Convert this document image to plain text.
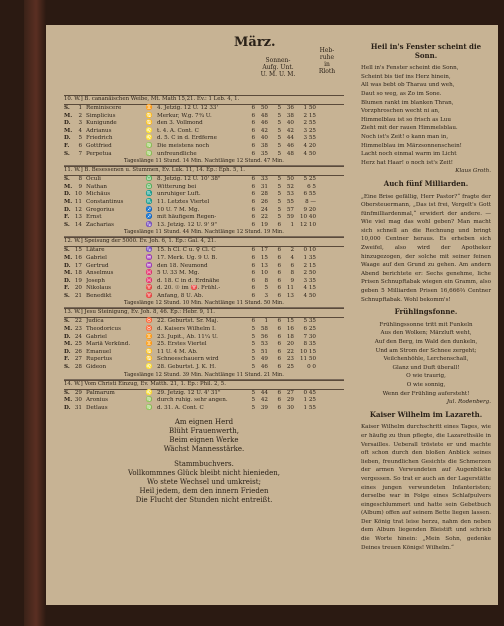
März.
Sonnen-
Aufg. Unt.
U. M. U. M.
Heb-
ruhe
in
Rloth
10. W.] B. cananäischen Weibe, Mt. Math 15,21. Ev.: 1 Leb. 4, 1.
S.	1 Reminiscere	♊ 4. Jetzig. 12 U. 12 33'	6	50	5	36	1 50
M.	2 Simplicius	♋ Merkur, W.g. 7¾ U.	6	48	5	38	2 15
D.	3 Kunigunde	♋ den 3. Vollmond	6	46	5	40	2 55
M.	4 Adrianus	♌ t. 4. A. Cont. C	6	42	5	42	3 25
D.	5 Friedrich	♌ d. 5. C in d. Erdferne	6	40	5	44	3 55
F.	6 Gottfried	♍ Die meistens noch	6	38	5	46	4 20
S.	7 Perpetua	♍ unfreundliche	6	35	5	48	4 50
Tageslänge 11 Stund. 14 Min. Nachtlänge 12 Stund. 47 Min.
11. W.] B. Besessenen u. Stummen, Ev. Luk. 11, 14. Ep.: Eph. 5, 1.
S.	8 Oculi	♎ 8. Jetzig. 12 U. 10' 38"	6	33	5	50	5 25
M.	9 Nathan	♎ Witterung bei	6	31	5	52	6 5
D. 10 Michäus	♏ unruhiger Luft.	6	28	5	53	6 55
M. 11 Constantinus	♏ 11. Letztes Viertel	6	26	5	55	8 —
D. 12 Gregorius	♐ 10 U. 7 M. Mg.	6	24	5	57	9 20
F. 13 Ernst	♐ mit häufigem Regen-	6	22	5	59	10 40
S. 14 Zacharias	♑ 13. Jetzig. 12 U. 9' 9"	6	19	6	1	12 10
Tageslänge 11 Stund. 44 Min. Nachtlänge 12 Stund. 19 Min.
12. W.] Speisung der 5000. Ev. Joh. 6, 1. Ep.: Gal. 4, 21.
S. 15 Lätare	♑ 15. h Cl. C u. ♀ Cl. C	6	17	6	2	0 10
M. 16 Gabriel	♒ 17. Merk. Ug. 9 U. B.	6	15	6	4	1 35
D. 17 Gertrud	♒ den 18. Neumond	6	13	6	6	2 15
M. 18 Anselmus	♓ 5 U. 33 M. Mg.	6	10	6	8	2 50
D. 19 Joseph	♓ d. 18. C in d. Erdnähe	6	8	6	9	3 35
F. 20 Nikolaus	♈ d. 20. ☉ im ♈. Frühl.-	6	5	6	11	4 15
S. 21 Benedikt	♈ Anfang, 8 U. Ab.	6	3	6	13	4 50
Tageslänge 12 Stund. 10 Min. Nachtlänge 11 Stund. 50 Min.
13. W.] Jesu Steinigung, Ev. Joh. 8, 46. Ep.: Hebr. 9, 11.
S. 22 Judica	♉ 22. Geburtst. Sr. Maj.	6	1	6	15	5 35
M. 23 Theodoricus	♉ d. Kaisers Wilhelm I.	5	58	6	16	6 25
D. 24 Gabriel	♊ 23. Jupit., Ab. 11¼ U.	5	56	6	18	7 30
M. 25 Mariä Verkünd.	♊ 25. Erstes Viertel	5	53	6	20	8 35
D. 26 Emanuel	♋ 11 U. 4 M. Ab.	5	51	6	22	10 15
F. 27 Rupertus	♋ Schneeschauern wird	5	49	6	23	11 50
S. 28 Gideon	♌ 28. Geburtst. J. K. H.	5	46	6	25	0 0
Tageslänge 12 Stund. 39 Min. Nachtlänge 11 Stund. 21 Min.
14. W.] Vom Christi Einzug, Ev. Matth. 21, 1. Ep.: Phil. 2, 5.
S. 29 Palmarum	♌ 29. Jetzig. 12 U. 4' 31"	5	44	6	27	0 45
M. 30 Aronius	♍ durch ruhig. sehr angen.	5	42	6	29	1 25
D. 31 Detlaus	♍ d. 31. A. Cont. C	5	39	6	30	1 55
Am eignen Herd
Blüht Frauenwerth,
Beim eignen Werke
Wächst Mannesstärke.
Stammbuchvers.
Vollkommnes Glück bleibt nicht hienieden,
Wo stete Wechsel und umkreist;
Heil jedem, dem den innern Frieden
Die Flucht der Stunden nicht entreißt.
Heil in's Fenster scheint die Sonn.
Hell in's Fenster scheint die Sonn,
Scheint bis tief ins Herz hinein,
All was bebt ob Tharau und weh,
Daut so weg, as Zo im Sone.
Blumen rankt im blanken Thran,
Vorzphroschen wecht ni an,
Himmelblau ist so frisch as Luu
Zieht mit der rauen Himmelsblau.
Noch ist's Zeit! o kann man in,
Himmelblau im Märzsonnenschein!
Lacht noch einmal warm im Licht
Herz hat Haar! o noch ist's Zeit!
Klaus Groth.
Auch fünf Milliarden.

„Eine Brise gefällig, Herr Pastor?“ fragte der Obersteuermann, „Das ist frei, Vergelt's Gott fünfmilliardenmal,“ erwidert der andere. — Wie viel mag das wohl geben? Man macht sich schnell an die Rechnung und bringt 10,000 Centner heraus. Es erheben sich Zweifel, also wird der Apotheker hinzugezogen, der solche mit seiner feinen Waage auf den Grund zu gehen. Am andern Abend berichtete er: Sechs genehme, liche Prisen Schnupftabak wiegen ein Gramm, also geben 5 Milliarden Prisen 16,666⅔ Centner Schnupftabak. Wohl bekomm's!

Frühlingsfonne.
Frühlingssonne tritt mit Funkeln
Aus den Wolken; Märzluft weht,
Auf den Berg, im Wald den dunkeln,
Und am Strom der Schnee zergeht;
Veilchenhöhle, Lerchenschall,
Glanz und Duft überall!
O wie traurig,
O wie sonnig,
Wenn der Frühling aufersteht!
Jul. Rodenberg.
Kaiser Wilhelm im Lazareth.

Kaiser Wilhelm durchschritt eines Tages, wie er häufig zu thun pflegte, die Lazarethsäle in Versailles. Ueberall tröstete er und machte oft schon durch den bloßen Anblick seines lieben, freundlichen Gesichts die Schmerzen der armen Verwundeten auf Augenblicke vergessen. So trat er auch an der Lagerstätte eines jungen verwundeten Infanteristen; derselbe war in Folge eines Schlafpulvers eingeschlummert und hatte sein Gebetbuch (Album) offen auf seinem Bette liegen lassen. Der König trat leise herzu, nahm den neben dem Album liegenden Bleistift und schrieb die Worte hinein: „Mein Sohn, gedenke Deines treuen Königs! Wilhelm.“
